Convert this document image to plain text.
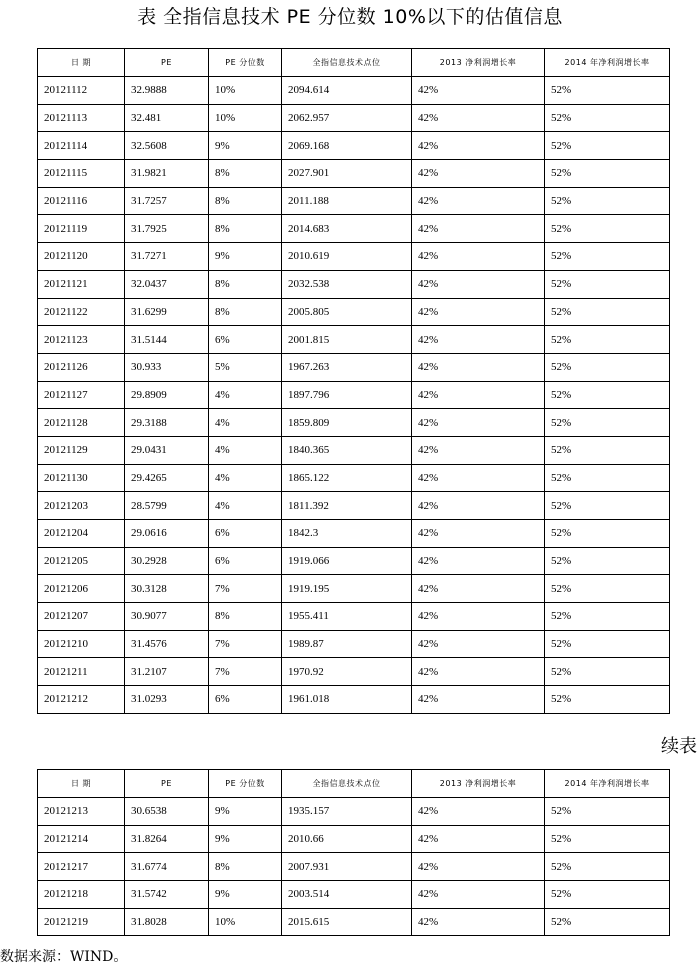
表 全指信息技术 PE 分位数 10%以下的估值信息
日 期	PE	PE 分位数	全指信息技术点位	2013 净利润增长率	2014 年净利润增长率
20121112	32.9888	10%	2094.614	42%	52%
20121113	32.481	10%	2062.957	42%	52%
20121114	32.5608	9%	2069.168	42%	52%
20121115	31.9821	8%	2027.901	42%	52%
20121116	31.7257	8%	2011.188	42%	52%
20121119	31.7925	8%	2014.683	42%	52%
20121120	31.7271	9%	2010.619	42%	52%
20121121	32.0437	8%	2032.538	42%	52%
20121122	31.6299	8%	2005.805	42%	52%
20121123	31.5144	6%	2001.815	42%	52%
20121126	30.933	5%	1967.263	42%	52%
20121127	29.8909	4%	1897.796	42%	52%
20121128	29.3188	4%	1859.809	42%	52%
20121129	29.0431	4%	1840.365	42%	52%
20121130	29.4265	4%	1865.122	42%	52%
20121203	28.5799	4%	1811.392	42%	52%
20121204	29.0616	6%	1842.3	42%	52%
20121205	30.2928	6%	1919.066	42%	52%
20121206	30.3128	7%	1919.195	42%	52%
20121207	30.9077	8%	1955.411	42%	52%
20121210	31.4576	7%	1989.87	42%	52%
20121211	31.2107	7%	1970.92	42%	52%
20121212	31.0293	6%	1961.018	42%	52%
续表
日 期	PE	PE 分位数	全指信息技术点位	2013 净利润增长率	2014 年净利润增长率
20121213	30.6538	9%	1935.157	42%	52%
20121214	31.8264	9%	2010.66	42%	52%
20121217	31.6774	8%	2007.931	42%	52%
20121218	31.5742	9%	2003.514	42%	52%
20121219	31.8028	10%	2015.615	42%	52%
数据来源：WIND。
